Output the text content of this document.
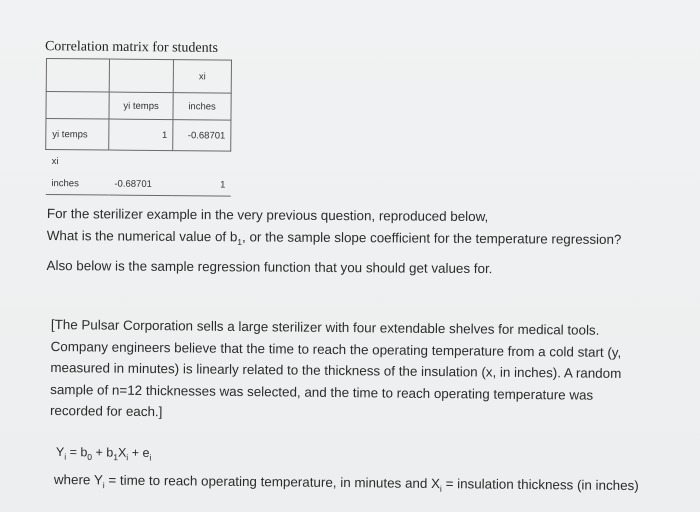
Correlation matrix for students
		xi
	yi temps	inches
yi temps	1	-0.68701
xi		
inches	-0.68701	1
For the sterilizer example in the very previous question, reproduced below,
What is the numerical value of $b_1$, or the sample slope coefficient for the temperature regression?
Also below is the sample regression function that you should get values for.
[The Pulsar Corporation sells a large sterilizer with four extendable shelves for medical tools.
Company engineers believe that the time to reach the operating temperature from a cold start (y,
measured in minutes) is linearly related to the thickness of the insulation (x, in inches). A random
sample of n=12 thicknesses was selected, and the time to reach operating temperature was
recorded for each.]
$Y_i = b_0 + b_1X_i + e_i$
where $Y_i$ = time to reach operating temperature, in minutes and $X_i$ = insulation thickness (in inches)
